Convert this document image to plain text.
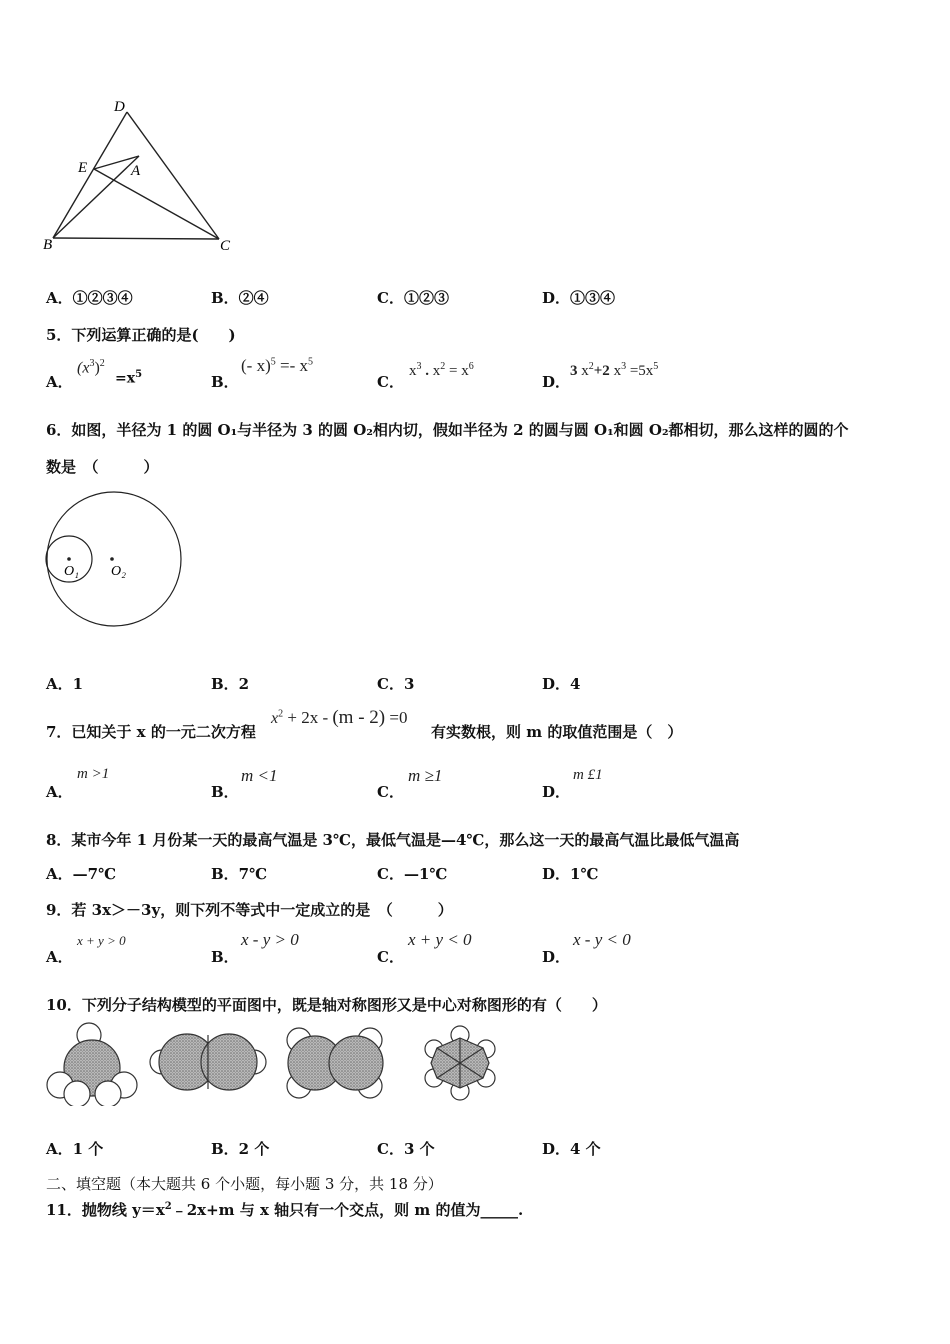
D
E	A
B	C
A．①②③④	B．②④	C．①②③	D．①③④
5．下列运算正确的是(　　)
A．
$(x^3)^2$
$=x^5$	B．
(- $x)^5 =- x^5$
C．
$x^3$ . $x^2 = x^6$
D．
3 $x^2+2$ $x^3 =5x^5$
6．如图，半径为 1 的圆 O₁与半径为 3 的圆 O₂相内切，假如半径为 2 的圆与圆 O₁和圆 O₂都相切，那么这样的圆的个
数是　（　　　）
O₁ O₂
A．1	B．2	C．3	D．4
7．已知关于 x 的一元二次方程
$x^2 + 2x - (m - 2) =0$
有实数根，则 m 的取值范围是（　）
A．
m >1
B．
m <1
C．
m ≥1
D．
m £1
8．某市今年 1 月份某一天的最高气温是 3℃，最低气温是—4℃，那么这一天的最高气温比最低气温高
A．—7℃	B．7℃	C．—1℃	D．1℃
9．若 3x＞－3y，则下列不等式中一定成立的是　（　　　）
A．
x + y > 0
B．
x - y > 0
C．
x + y < 0
D．
x - y < 0
10．下列分子结构模型的平面图中，既是轴对称图形又是中心对称图形的有（　　）
A．1 个	B．2 个	C．3 个	D．4 个
二、填空题（本大题共 6 个小题，每小题 3 分，共 18 分）
11．抛物线 $y=x^2﹣2x+m$ 与 x 轴只有一个交点，则 m 的值为_____.
